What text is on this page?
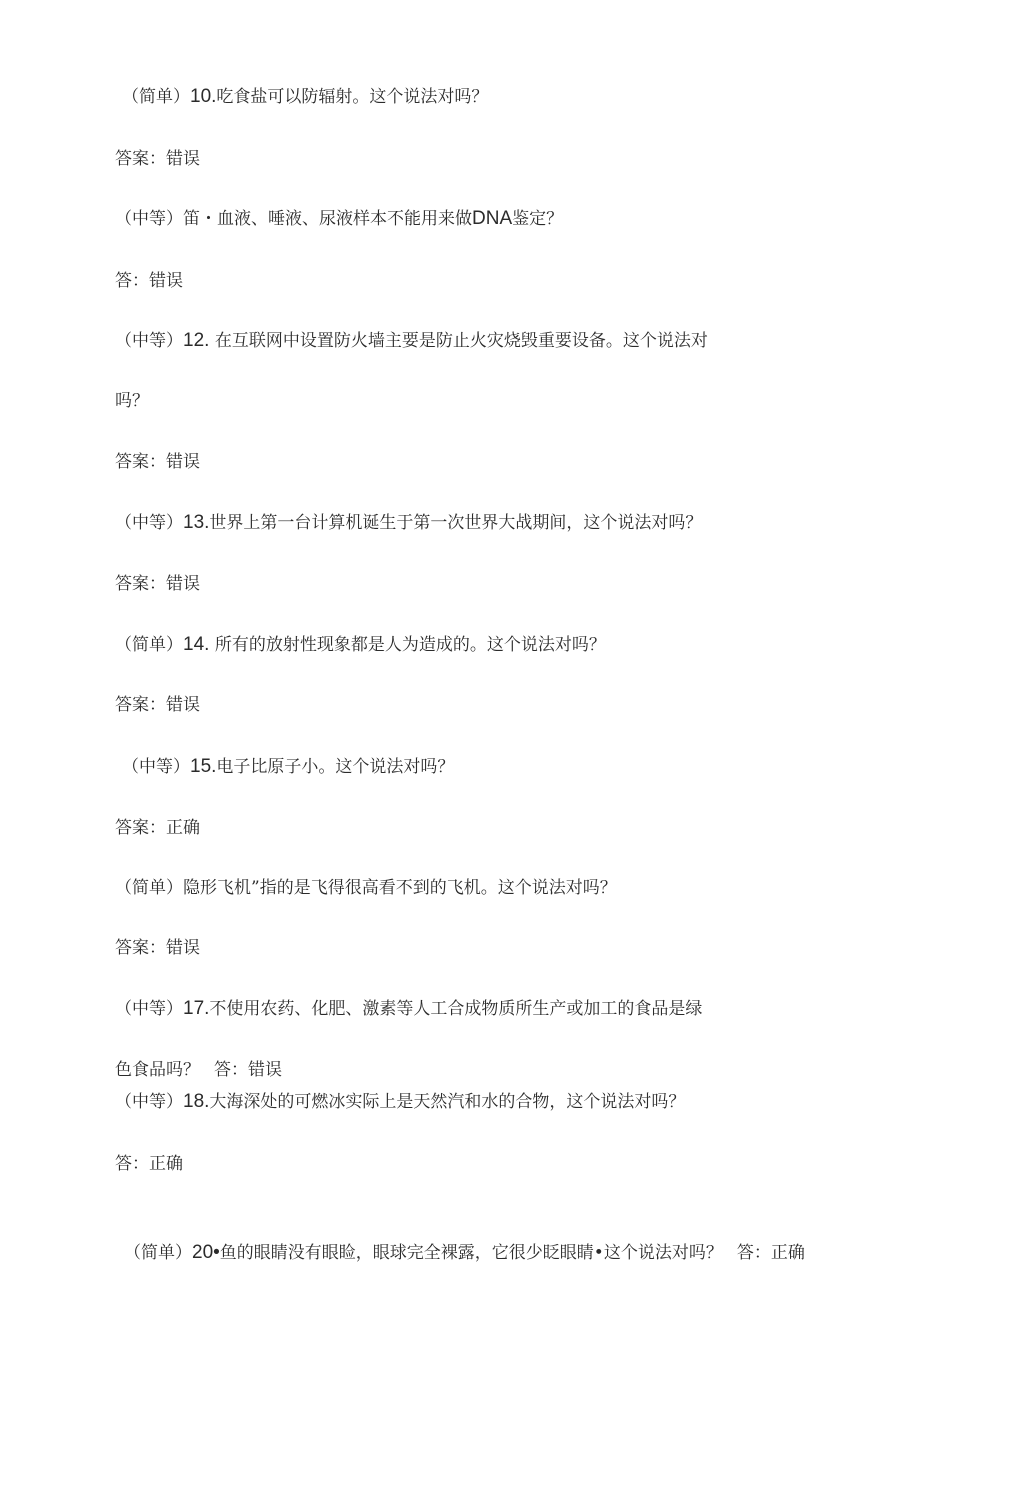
（简单）10.吃食盐可以防辐射。这个说法对吗？
答案：错误
（中等）笛・血液、唾液、尿液样本不能用来做DNA鉴定？
答：错误
（中等）12. 在互联网中设置防火墙主要是防止火灾烧毁重要设备。这个说法对
吗？
答案：错误
（中等）13.世界上第一台计算机诞生于第一次世界大战期间，这个说法对吗？
答案：错误
（简单）14. 所有的放射性现象都是人为造成的。这个说法对吗？
答案：错误
（中等）15.电子比原子小。这个说法对吗？
答案：正确
（简单）隐形飞机”指的是飞得很高看不到的飞机。这个说法对吗？
答案：错误
（中等）17.不使用农药、化肥、激素等人工合成物质所生产或加工的食品是绿
色食品吗？ 答：错误
（中等）18.大海深处的可燃冰实际上是天然汽和水的合物，这个说法对吗？
答：正确
（简单）20•鱼的眼睛没有眼睑，眼球完全裸露，它很少眨眼睛•这个说法对吗？ 答：正确
